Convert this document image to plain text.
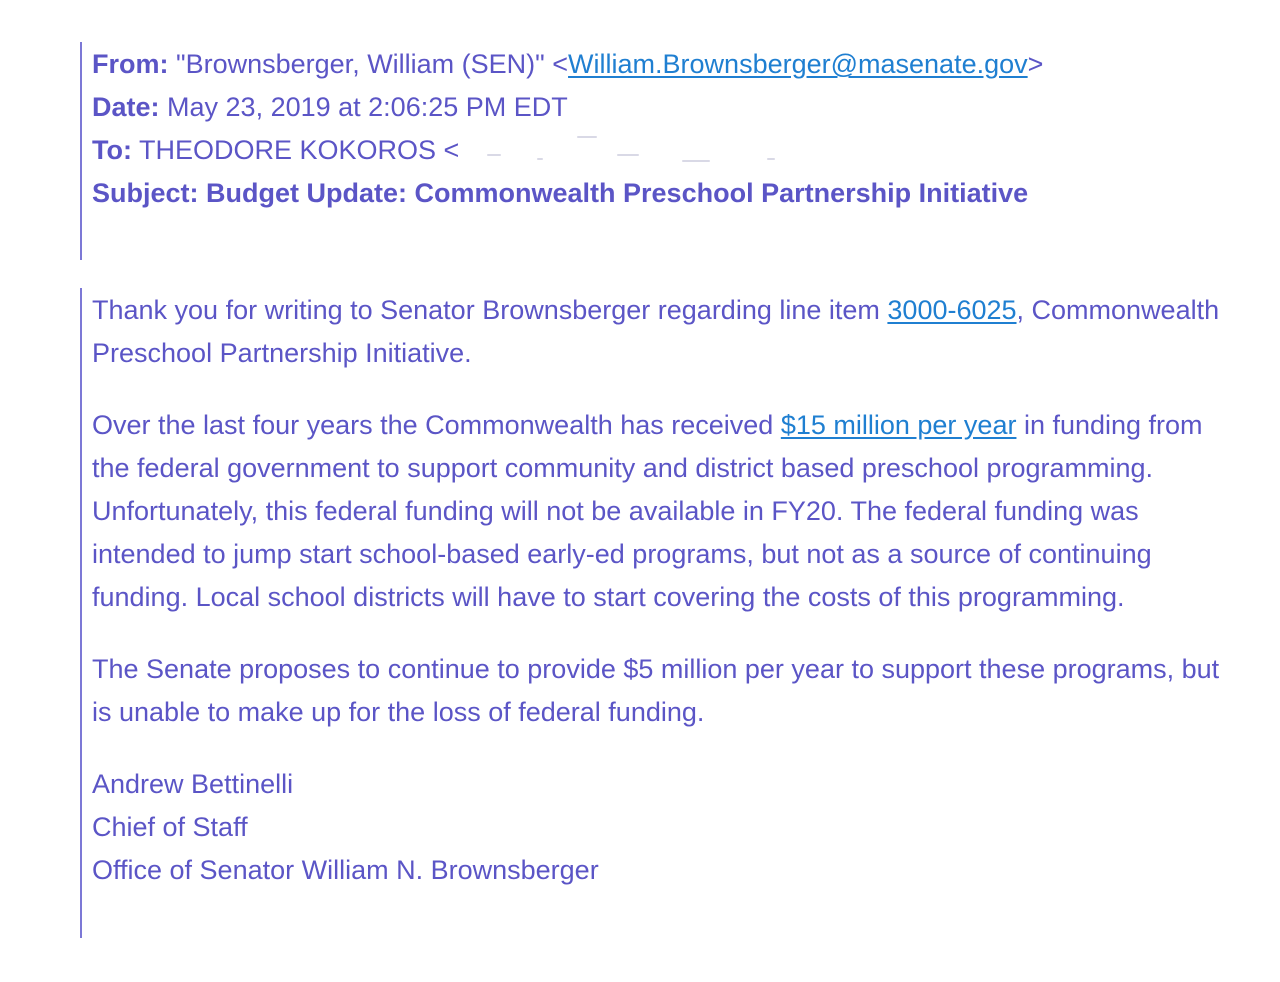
From: "Brownsberger, William (SEN)" <William.Brownsberger@masenate.gov>
Date: May 23, 2019 at 2:06:25 PM EDT
To: THEODORE KOKOROS <
Subject: Budget Update: Commonwealth Preschool Partnership Initiative

Thank you for writing to Senator Brownsberger regarding line item 3000-6025, Commonwealth Preschool Partnership Initiative.

Over the last four years the Commonwealth has received $15 million per year in funding from the federal government to support community and district based preschool programming. Unfortunately, this federal funding will not be available in FY20. The federal funding was intended to jump start school-based early-ed programs, but not as a source of continuing funding. Local school districts will have to start covering the costs of this programming.

The Senate proposes to continue to provide $5 million per year to support these programs, but is unable to make up for the loss of federal funding.

Andrew Bettinelli
Chief of Staff
Office of Senator William N. Brownsberger
